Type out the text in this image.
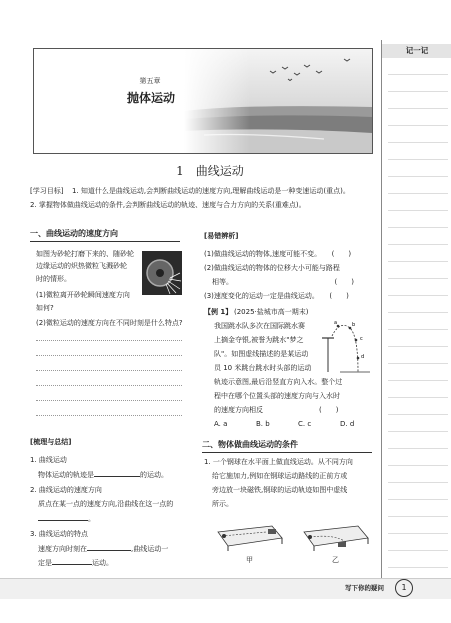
第五章
抛体运动
记一记
1　曲线运动
[学习目标] 1. 知道什么是曲线运动,会判断曲线运动的速度方向,理解曲线运动是一种变速运动(重点)。
2. 掌握物体做曲线运动的条件,会判断曲线运动的轨迹、速度与合力方向的关系(重难点)。
一、曲线运动的速度方向
如图为砂轮打磨下来的、随砂轮
边缘运动的炽热微粒飞溅砂轮
时的情形。
(1)微粒离开砂轮瞬间速度方向
如何?
(2)微粒运动的速度方向在不同时刻是什么特点?
[梳理与总结]
1. 曲线运动
物体运动的轨迹是	的运动。
2. 曲线运动的速度方向
质点在某一点的速度方向,沿曲线在这一点的
。
3. 曲线运动的特点
速度方向时刻在	,曲线运动一
定是	运动。
[易错辨析]
(1)做曲线运动的物体,速度可能不变。　　(　　)
(2)做曲线运动的物体的位移大小可能与路程
相等。　　　　　　　　　　　　　　　(　　)
(3)速度变化的运动一定是曲线运动。　　(　　)
【例 1】 (2025·盐城市高一期末)
我国跳水队多次在国际跳水赛
上摘金夺银,被誉为跳水"梦之
队"。如图虚线描述的是某运动
员 10 米跳台跳水时头部的运动
轨迹示意图,最后沿竖直方向入水。整个过
程中在哪个位置头部的速度方向与入水时
的速度方向相反　　　　　　　　(　　)
A. a	B. b	C. c	D. d
a	b
c
d
二、物体做曲线运动的条件
1. 一个钢球在水平面上做直线运动。从不同方向
给它施加力,例如在钢球运动路线的正前方或
旁边放一块磁铁,钢球的运动轨迹如图中虚线
所示。
甲	乙
写下你的疑问	1
